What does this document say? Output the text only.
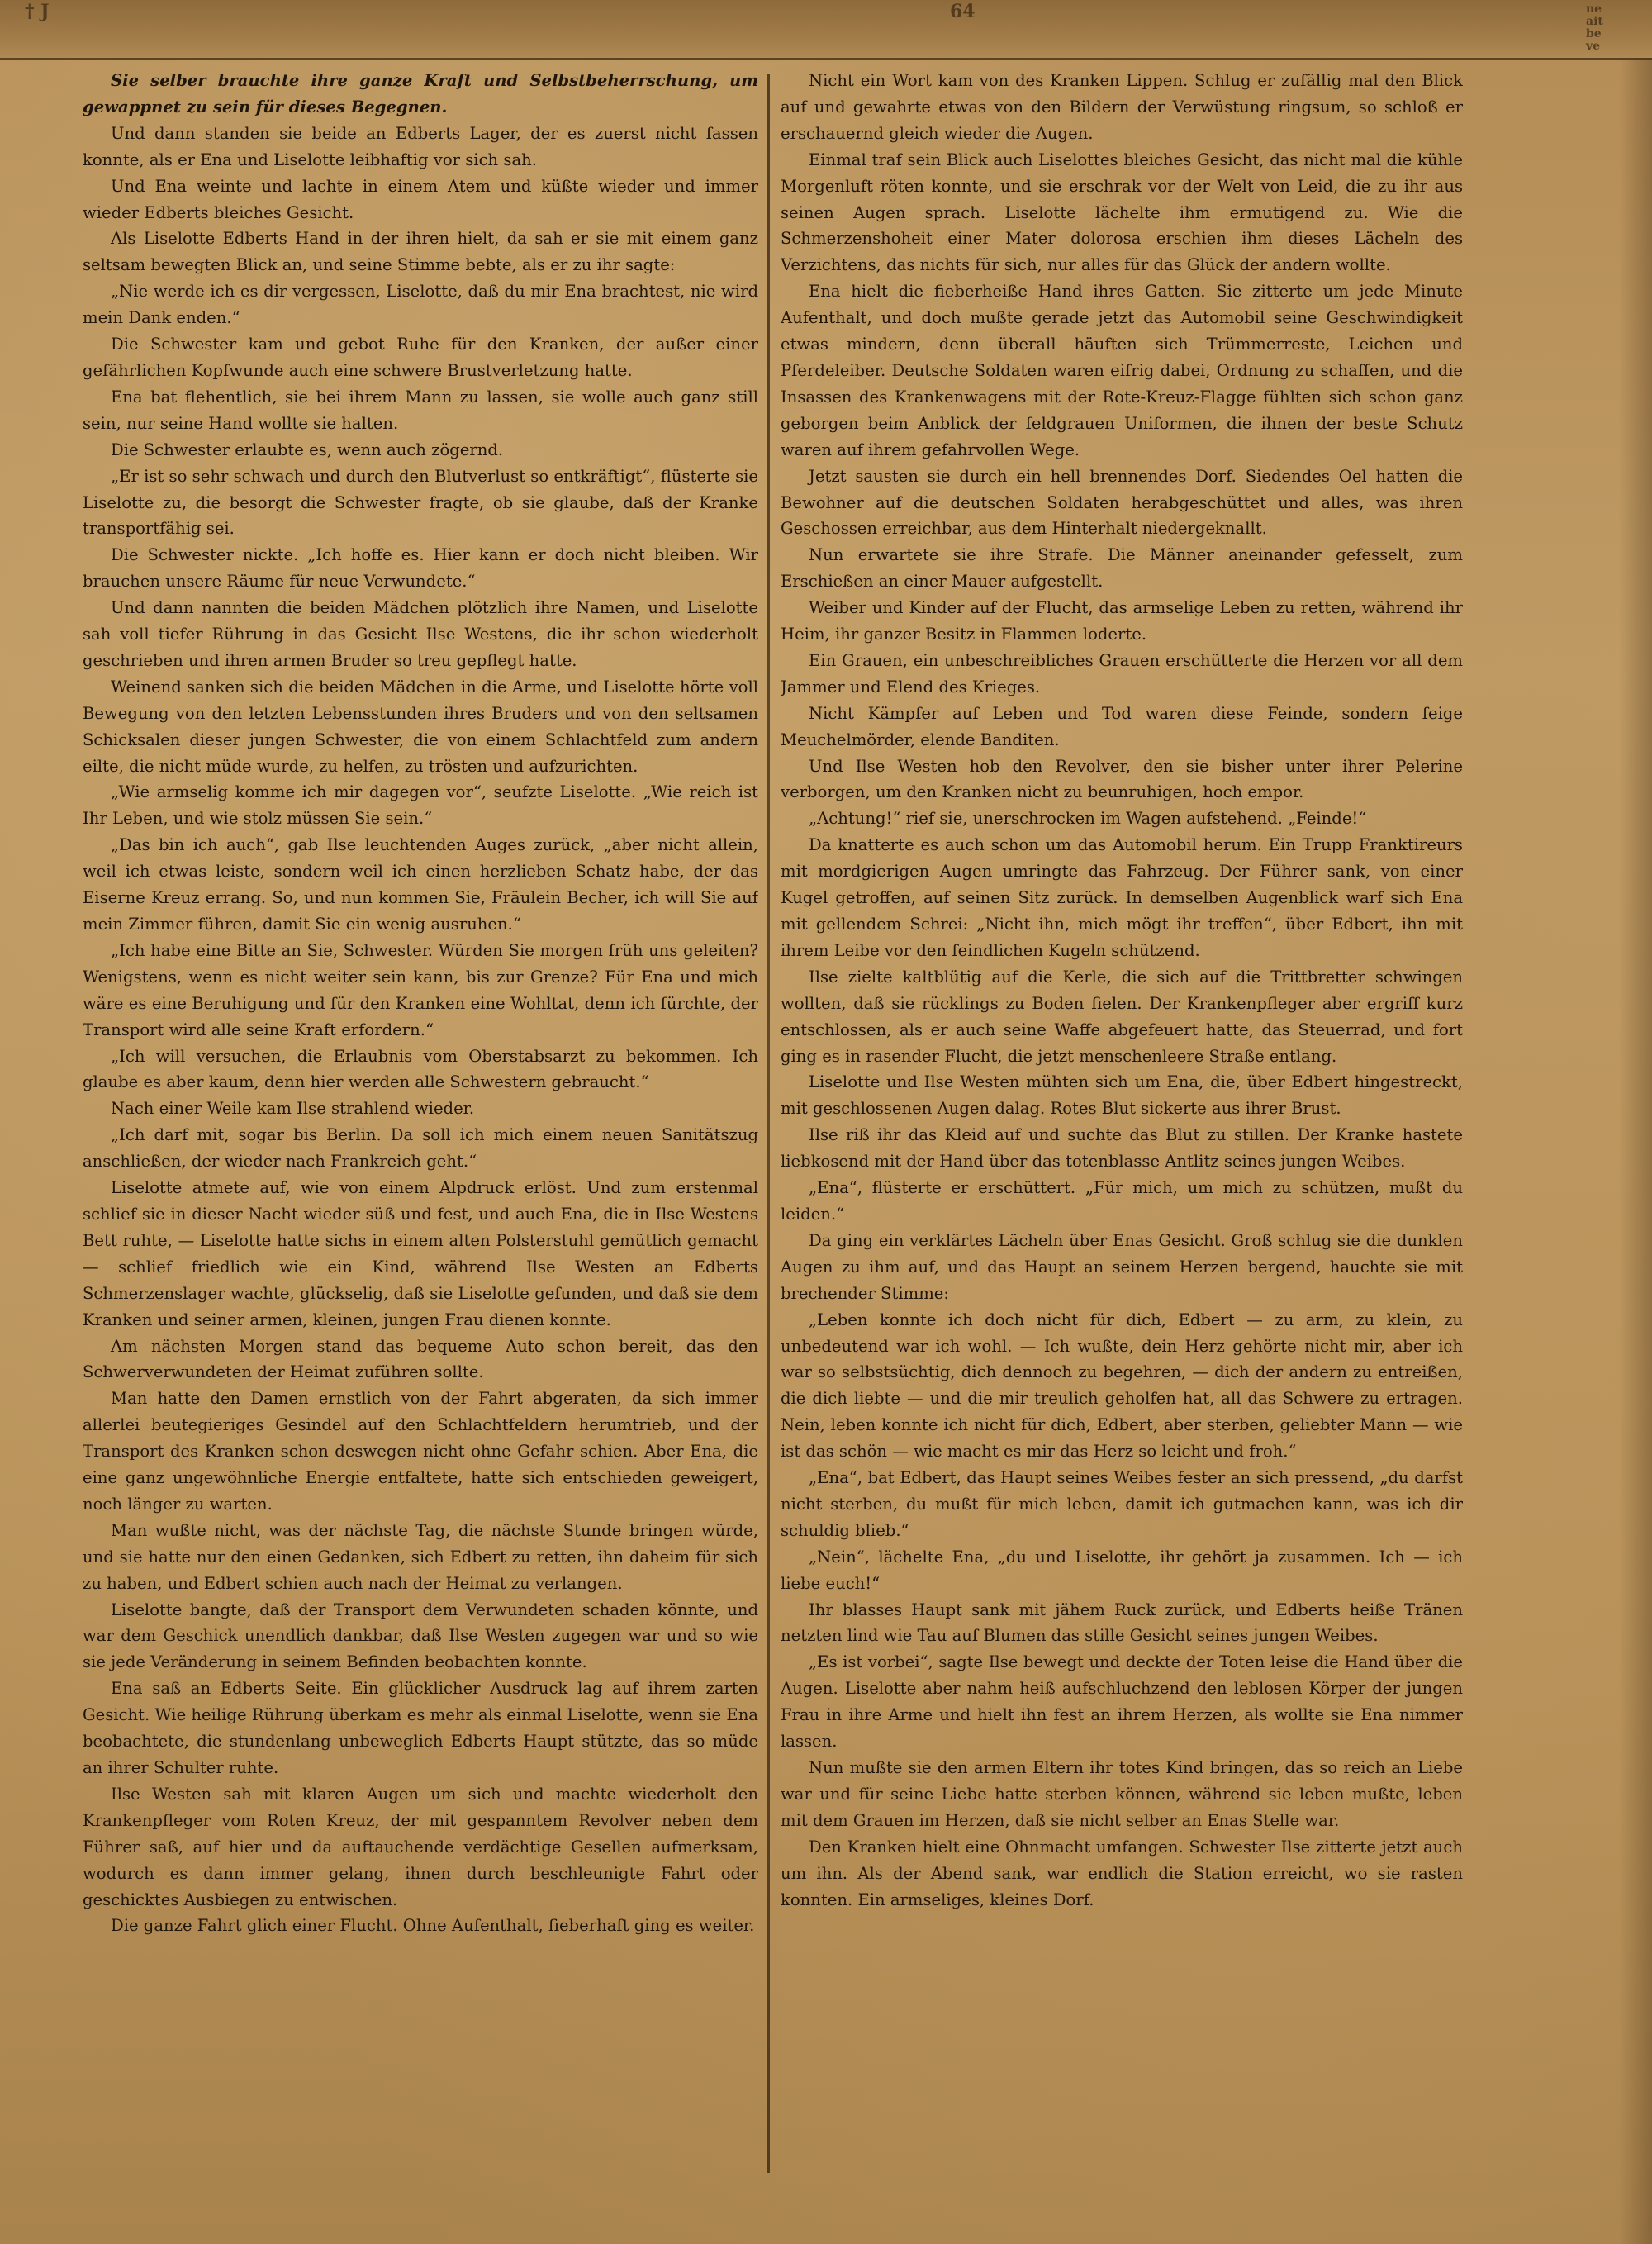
† J	64	ne
ait
be
ve

Sie selber brauchte ihre ganze Kraft und Selbstbeherrschung, um gewappnet zu sein für dieses Begegnen.

Und dann standen sie beide an Edberts Lager, der es zuerst nicht fassen konnte, als er Ena und Liselotte leibhaftig vor sich sah.

Und Ena weinte und lachte in einem Atem und küßte wieder und immer wieder Edberts bleiches Gesicht.

Als Liselotte Edberts Hand in der ihren hielt, da sah er sie mit einem ganz seltsam bewegten Blick an, und seine Stimme bebte, als er zu ihr sagte:

„Nie werde ich es dir vergessen, Liselotte, daß du mir Ena brachtest, nie wird mein Dank enden.“

Die Schwester kam und gebot Ruhe für den Kranken, der außer einer gefährlichen Kopfwunde auch eine schwere Brustverletzung hatte.

Ena bat flehentlich, sie bei ihrem Mann zu lassen, sie wolle auch ganz still sein, nur seine Hand wollte sie halten.

Die Schwester erlaubte es, wenn auch zögernd.

„Er ist so sehr schwach und durch den Blutverlust so entkräftigt“, flüsterte sie Liselotte zu, die besorgt die Schwester fragte, ob sie glaube, daß der Kranke transportfähig sei.

Die Schwester nickte. „Ich hoffe es. Hier kann er doch nicht bleiben. Wir brauchen unsere Räume für neue Verwundete.“

Und dann nannten die beiden Mädchen plötzlich ihre Namen, und Liselotte sah voll tiefer Rührung in das Gesicht Ilse Westens, die ihr schon wiederholt geschrieben und ihren armen Bruder so treu gepflegt hatte.

Weinend sanken sich die beiden Mädchen in die Arme, und Liselotte hörte voll Bewegung von den letzten Lebensstunden ihres Bruders und von den seltsamen Schicksalen dieser jungen Schwester, die von einem Schlachtfeld zum andern eilte, die nicht müde wurde, zu helfen, zu trösten und aufzurichten.

„Wie armselig komme ich mir dagegen vor“, seufzte Liselotte. „Wie reich ist Ihr Leben, und wie stolz müssen Sie sein.“

„Das bin ich auch“, gab Ilse leuchtenden Auges zurück, „aber nicht allein, weil ich etwas leiste, sondern weil ich einen herzlieben Schatz habe, der das Eiserne Kreuz errang. So, und nun kommen Sie, Fräulein Becher, ich will Sie auf mein Zimmer führen, damit Sie ein wenig ausruhen.“

„Ich habe eine Bitte an Sie, Schwester. Würden Sie morgen früh uns geleiten? Wenigstens, wenn es nicht weiter sein kann, bis zur Grenze? Für Ena und mich wäre es eine Beruhigung und für den Kranken eine Wohltat, denn ich fürchte, der Transport wird alle seine Kraft erfordern.“

„Ich will versuchen, die Erlaubnis vom Oberstabsarzt zu bekommen. Ich glaube es aber kaum, denn hier werden alle Schwestern gebraucht.“

Nach einer Weile kam Ilse strahlend wieder.

„Ich darf mit, sogar bis Berlin. Da soll ich mich einem neuen Sanitätszug anschließen, der wieder nach Frankreich geht.“

Liselotte atmete auf, wie von einem Alpdruck erlöst. Und zum erstenmal schlief sie in dieser Nacht wieder süß und fest, und auch Ena, die in Ilse Westens Bett ruhte, — Liselotte hatte sichs in einem alten Polsterstuhl gemütlich gemacht — schlief friedlich wie ein Kind, während Ilse Westen an Edberts Schmerzenslager wachte, glückselig, daß sie Liselotte gefunden, und daß sie dem Kranken und seiner armen, kleinen, jungen Frau dienen konnte.

Am nächsten Morgen stand das bequeme Auto schon bereit, das den Schwerverwundeten der Heimat zuführen sollte.

Man hatte den Damen ernstlich von der Fahrt abgeraten, da sich immer allerlei beutegieriges Gesindel auf den Schlachtfeldern herumtrieb, und der Transport des Kranken schon deswegen nicht ohne Gefahr schien. Aber Ena, die eine ganz ungewöhnliche Energie entfaltete, hatte sich entschieden geweigert, noch länger zu warten.

Man wußte nicht, was der nächste Tag, die nächste Stunde bringen würde, und sie hatte nur den einen Gedanken, sich Edbert zu retten, ihn daheim für sich zu haben, und Edbert schien auch nach der Heimat zu verlangen.

Liselotte bangte, daß der Transport dem Verwundeten schaden könnte, und war dem Geschick unendlich dankbar, daß Ilse Westen zugegen war und so wie sie jede Veränderung in seinem Befinden beobachten konnte.

Ena saß an Edberts Seite. Ein glücklicher Ausdruck lag auf ihrem zarten Gesicht. Wie heilige Rührung überkam es mehr als einmal Liselotte, wenn sie Ena beobachtete, die stundenlang unbeweglich Edberts Haupt stützte, das so müde an ihrer Schulter ruhte.

Ilse Westen sah mit klaren Augen um sich und machte wiederholt den Krankenpfleger vom Roten Kreuz, der mit gespanntem Revolver neben dem Führer saß, auf hier und da auftauchende verdächtige Gesellen aufmerksam, wodurch es dann immer gelang, ihnen durch beschleunigte Fahrt oder geschicktes Ausbiegen zu entwischen.

Die ganze Fahrt glich einer Flucht. Ohne Aufenthalt, fieberhaft ging es weiter.

Nicht ein Wort kam von des Kranken Lippen. Schlug er zufällig mal den Blick auf und gewahrte etwas von den Bildern der Verwüstung ringsum, so schloß er erschauernd gleich wieder die Augen.

Einmal traf sein Blick auch Liselottes bleiches Gesicht, das nicht mal die kühle Morgenluft röten konnte, und sie erschrak vor der Welt von Leid, die zu ihr aus seinen Augen sprach. Liselotte lächelte ihm ermutigend zu. Wie die Schmerzenshoheit einer Mater dolorosa erschien ihm dieses Lächeln des Verzichtens, das nichts für sich, nur alles für das Glück der andern wollte.

Ena hielt die fieberheiße Hand ihres Gatten. Sie zitterte um jede Minute Aufenthalt, und doch mußte gerade jetzt das Automobil seine Geschwindigkeit etwas mindern, denn überall häuften sich Trümmerreste, Leichen und Pferdeleiber. Deutsche Soldaten waren eifrig dabei, Ordnung zu schaffen, und die Insassen des Krankenwagens mit der Rote-Kreuz-Flagge fühlten sich schon ganz geborgen beim Anblick der feldgrauen Uniformen, die ihnen der beste Schutz waren auf ihrem gefahrvollen Wege.

Jetzt sausten sie durch ein hell brennendes Dorf. Siedendes Oel hatten die Bewohner auf die deutschen Soldaten herabgeschüttet und alles, was ihren Geschossen erreichbar, aus dem Hinterhalt niedergeknallt.

Nun erwartete sie ihre Strafe. Die Männer aneinander gefesselt, zum Erschießen an einer Mauer aufgestellt.

Weiber und Kinder auf der Flucht, das armselige Leben zu retten, während ihr Heim, ihr ganzer Besitz in Flammen loderte.

Ein Grauen, ein unbeschreibliches Grauen erschütterte die Herzen vor all dem Jammer und Elend des Krieges.

Nicht Kämpfer auf Leben und Tod waren diese Feinde, sondern feige Meuchelmörder, elende Banditen.

Und Ilse Westen hob den Revolver, den sie bisher unter ihrer Pelerine verborgen, um den Kranken nicht zu beunruhigen, hoch empor.

„Achtung!“ rief sie, unerschrocken im Wagen aufstehend. „Feinde!“

Da knatterte es auch schon um das Automobil herum. Ein Trupp Franktireurs mit mordgierigen Augen umringte das Fahrzeug. Der Führer sank, von einer Kugel getroffen, auf seinen Sitz zurück. In demselben Augenblick warf sich Ena mit gellendem Schrei: „Nicht ihn, mich mögt ihr treffen“, über Edbert, ihn mit ihrem Leibe vor den feindlichen Kugeln schützend.

Ilse zielte kaltblütig auf die Kerle, die sich auf die Trittbretter schwingen wollten, daß sie rücklings zu Boden fielen. Der Krankenpfleger aber ergriff kurz entschlossen, als er auch seine Waffe abgefeuert hatte, das Steuerrad, und fort ging es in rasender Flucht, die jetzt menschenleere Straße entlang.

Liselotte und Ilse Westen mühten sich um Ena, die, über Edbert hingestreckt, mit geschlossenen Augen dalag. Rotes Blut sickerte aus ihrer Brust.

Ilse riß ihr das Kleid auf und suchte das Blut zu stillen. Der Kranke hastete liebkosend mit der Hand über das totenblasse Antlitz seines jungen Weibes.

„Ena“, flüsterte er erschüttert. „Für mich, um mich zu schützen, mußt du leiden.“

Da ging ein verklärtes Lächeln über Enas Gesicht. Groß schlug sie die dunklen Augen zu ihm auf, und das Haupt an seinem Herzen bergend, hauchte sie mit brechender Stimme:

„Leben konnte ich doch nicht für dich, Edbert — zu arm, zu klein, zu unbedeutend war ich wohl. — Ich wußte, dein Herz gehörte nicht mir, aber ich war so selbstsüchtig, dich dennoch zu begehren, — dich der andern zu entreißen, die dich liebte — und die mir treulich geholfen hat, all das Schwere zu ertragen. Nein, leben konnte ich nicht für dich, Edbert, aber sterben, geliebter Mann — wie ist das schön — wie macht es mir das Herz so leicht und froh.“

„Ena“, bat Edbert, das Haupt seines Weibes fester an sich pressend, „du darfst nicht sterben, du mußt für mich leben, damit ich gutmachen kann, was ich dir schuldig blieb.“

„Nein“, lächelte Ena, „du und Liselotte, ihr gehört ja zusammen. Ich — ich liebe euch!“

Ihr blasses Haupt sank mit jähem Ruck zurück, und Edberts heiße Tränen netzten lind wie Tau auf Blumen das stille Gesicht seines jungen Weibes.

„Es ist vorbei“, sagte Ilse bewegt und deckte der Toten leise die Hand über die Augen. Liselotte aber nahm heiß aufschluchzend den leblosen Körper der jungen Frau in ihre Arme und hielt ihn fest an ihrem Herzen, als wollte sie Ena nimmer lassen.

Nun mußte sie den armen Eltern ihr totes Kind bringen, das so reich an Liebe war und für seine Liebe hatte sterben können, während sie leben mußte, leben mit dem Grauen im Herzen, daß sie nicht selber an Enas Stelle war.

Den Kranken hielt eine Ohnmacht umfangen. Schwester Ilse zitterte jetzt auch um ihn. Als der Abend sank, war endlich die Station erreicht, wo sie rasten konnten. Ein armseliges, kleines Dorf.
